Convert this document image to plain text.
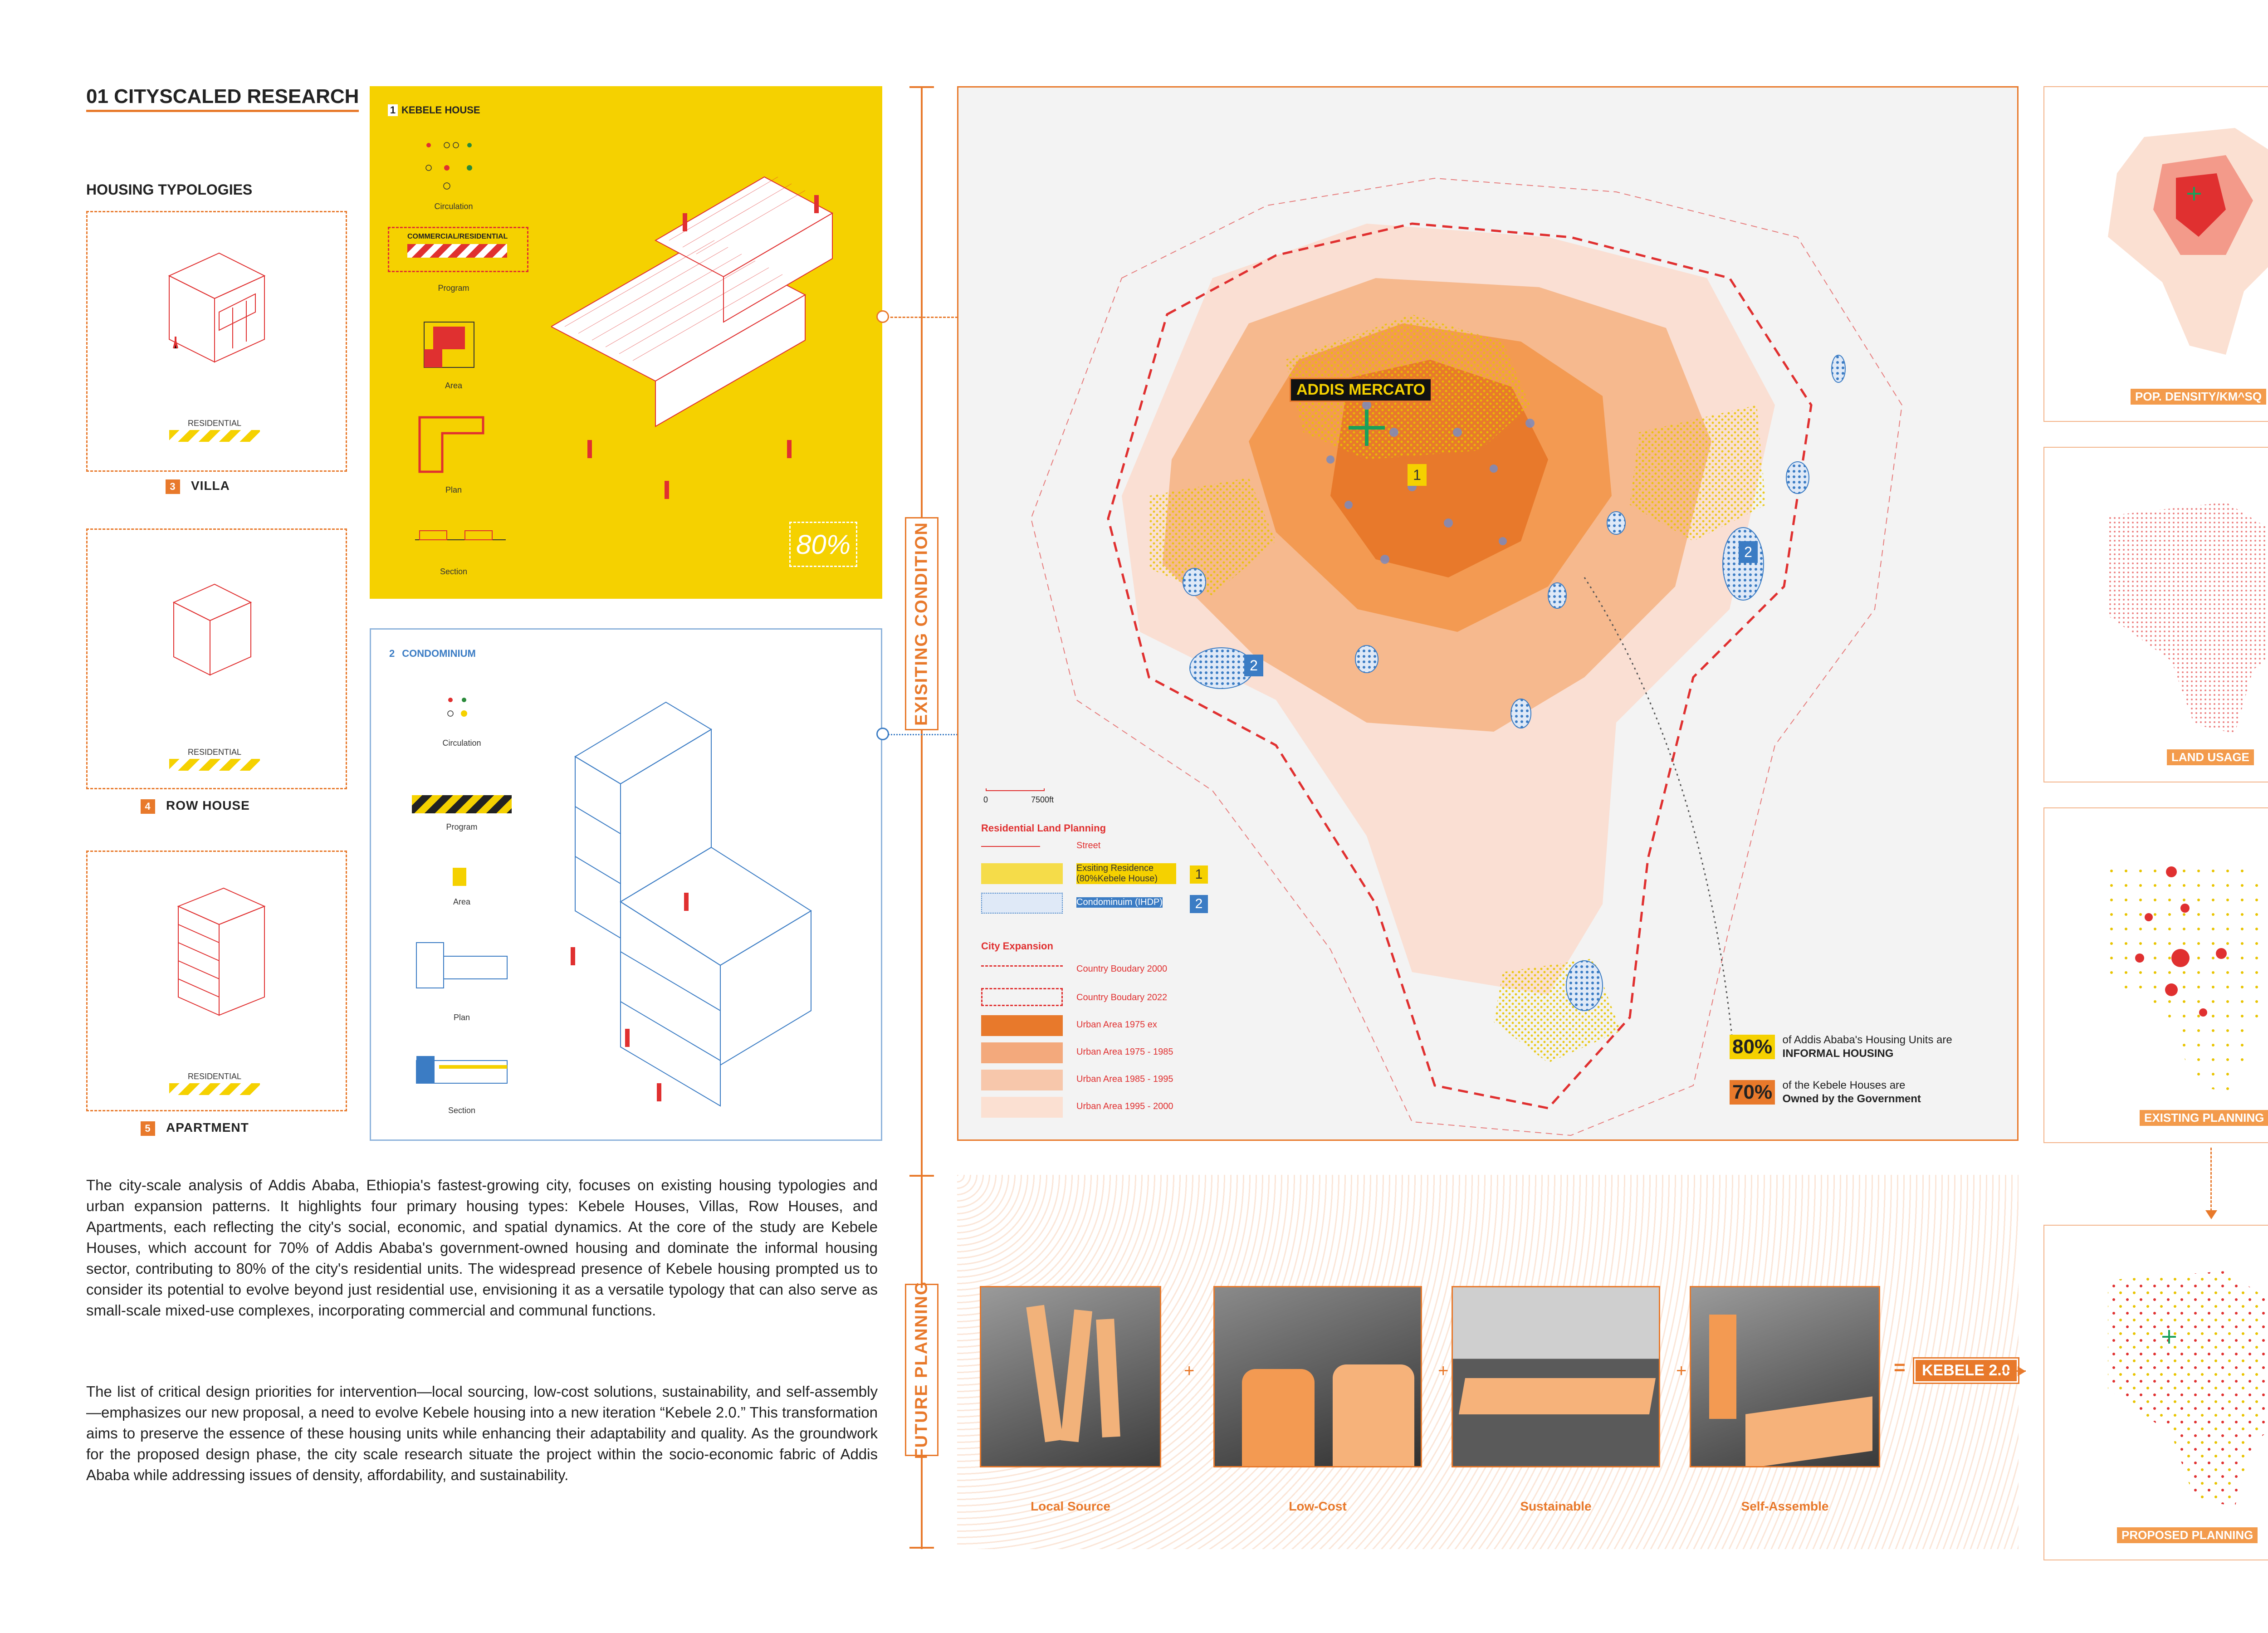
01 CITYSCALED RESEARCH
HOUSING TYPOLOGIES
RESIDENTIAL
3 VILLA
RESIDENTIAL
4 ROW HOUSE
RESIDENTIAL
5 APARTMENT
1 KEBELE HOUSE
Circulation
COMMERCIAL/RESIDENTIAL
Program
Area
Plan
Section
80%
2 CONDOMINIUM
Circulation
Program
Area
Plan
Section
EXISITING CONDITION
FUTURE PLANNING
ADDIS MERCATO
1
2
2
0	7500ft
Residential Land Planning
Street
Exsiting Residence (80%Kebele House)	1
Condominuim (IHDP)	2
City Expansion
Country Boudary 2000
Country Boudary 2022
Urban Area 1975 ex
Urban Area 1975 - 1985
Urban Area 1985 - 1995
Urban Area 1995 - 2000
80% of Addis Ababa's Housing Units are
INFORMAL HOUSING
70% of the Kebele Houses are
Owned by the Government
POP. DENSITY/KM^SQ
LAND USAGE
EXISTING PLANNING
PROPOSED PLANNING
The city-scale analysis of Addis Ababa, Ethiopia's fastest-growing city, focuses on existing housing typologies and urban expansion patterns. It highlights four primary housing types: Kebele Houses, Villas, Row Houses, and Apartments, each reflecting the city's social, economic, and spatial dynamics. At the core of the study are Kebele Houses, which account for 70% of Addis Ababa's government-owned housing and dominate the informal housing sector, contributing to 80% of the city's residential units. The widespread presence of Kebele housing prompted us to consider its potential to evolve beyond just residential use, envisioning it as a versatile typology that can also serve as small-scale mixed-use complexes, incorporating commercial and communal functions.
The list of critical design priorities for intervention—local sourcing, low-cost solutions, sustainability, and self-assembly—emphasizes our new proposal, a need to evolve Kebele housing into a new iteration “Kebele 2.0.” This transformation aims to preserve the essence of these housing units while enhancing their adaptability and quality. As the groundwork for the proposed design phase, the city scale research situate the project within the socio-economic fabric of Addis Ababa while addressing issues of density, affordability, and sustainability.
Local Source
+
Low-Cost
+
Sustainable
+
Self-Assemble
=	KEBELE 2.0
